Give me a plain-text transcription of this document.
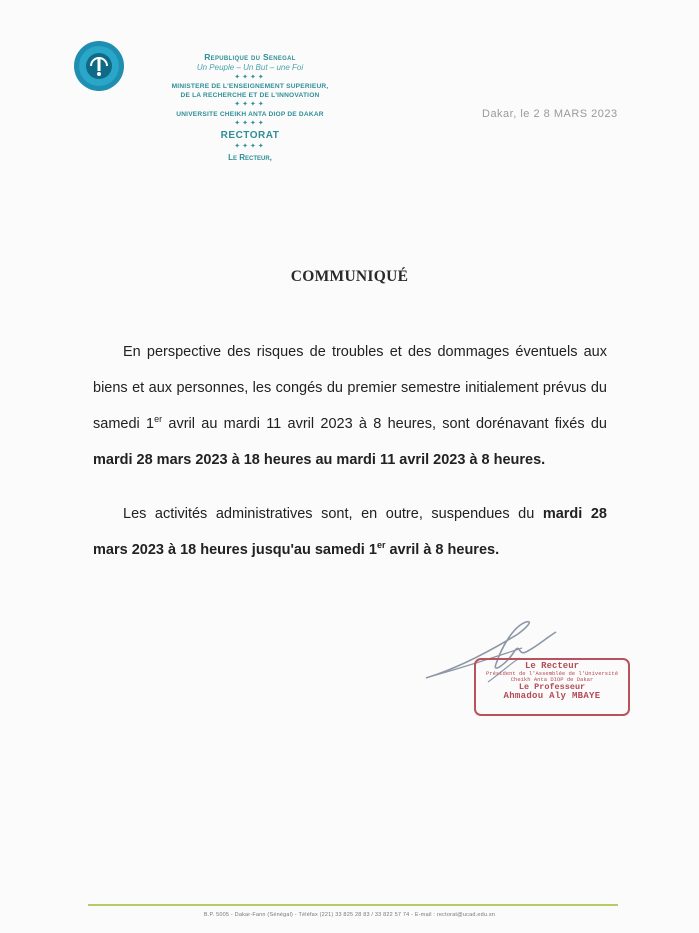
Republique du Senegal
Un Peuple – Un But – une Foi
✦✦✦✦
MINISTERE DE L'ENSEIGNEMENT SUPERIEUR,
DE LA RECHERCHE ET DE L'INNOVATION
✦✦✦✦
UNIVERSITE CHEIKH ANTA DIOP DE DAKAR
✦✦✦✦
RECTORAT
✦✦✦✦
Le Recteur,
Dakar, le 2 8 MARS 2023
COMMUNIQUÉ
En perspective des risques de troubles et des dommages éventuels aux
biens et aux personnes, les congés du premier semestre initialement prévus du
samedi 1er avril au mardi 11 avril 2023 à 8 heures, sont dorénavant fixés du
mardi 28 mars 2023 à 18 heures au mardi 11 avril 2023 à 8 heures.
Les activités administratives sont, en outre, suspendues du mardi 28
mars 2023 à 18 heures jusqu'au samedi 1er avril à 8 heures.
Le Recteur
Président de l'Assemblée de l'Université
Cheikh Anta DIOP de Dakar
Le Professeur
Ahmadou Aly MBAYE
B.P. 5005 - Dakar-Fann (Sénégal) - Téléfax (221) 33 825 28 83 / 33 822 57 74 - E-mail : rectorat@ucad.edu.sn
